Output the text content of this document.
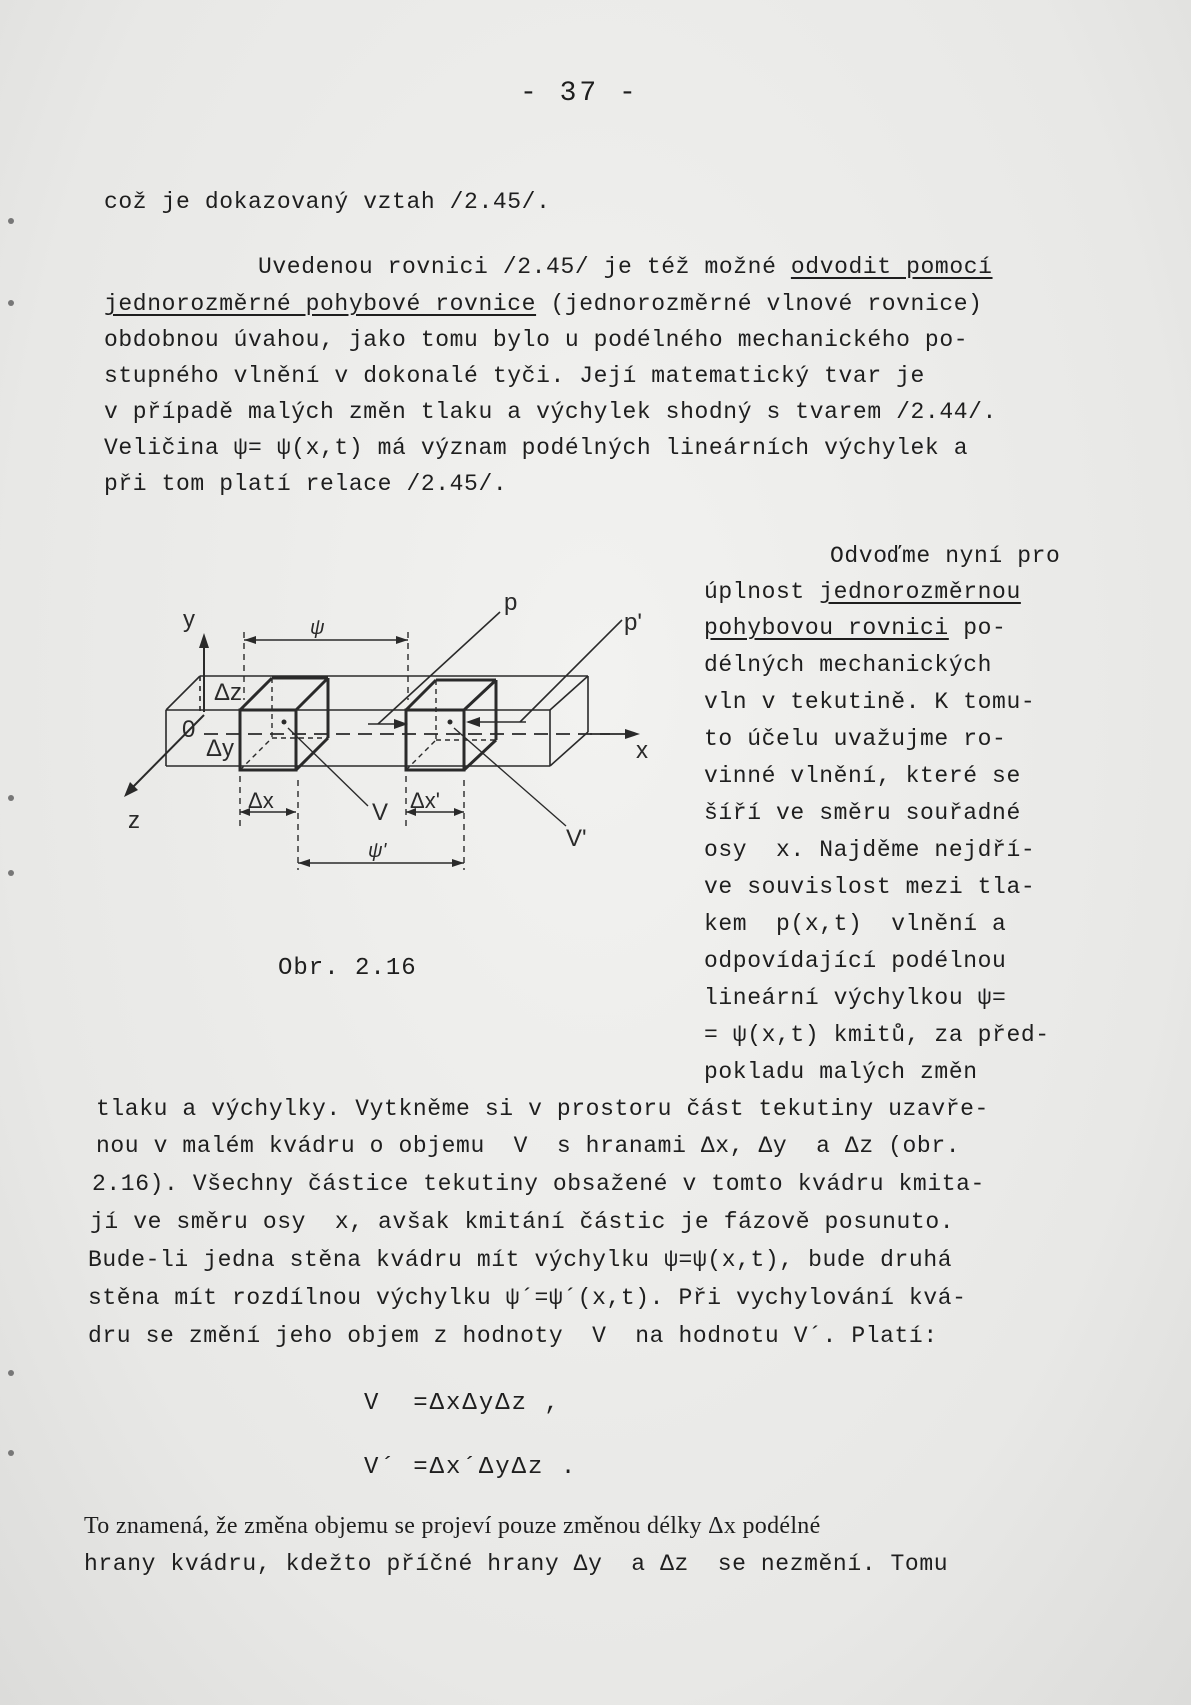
- 37 -
což je dokazovaný vztah /2.45/.
Uvedenou rovnici /2.45/ je též možné odvodit pomocí
jednorozměrné pohybové rovnice (jednorozměrné vlnové rovnice)
obdobnou úvahou, jako tomu bylo u podélného mechanického po-
stupného vlnění v dokonalé tyči. Její matematický tvar je
v případě malých změn tlaku a výchylek shodný s tvarem /2.44/.
Veličina ψ= ψ(x,t) má význam podélných lineárních výchylek a
při tom platí relace /2.45/.
Odvoďme nyní pro
úplnost jednorozměrnou
pohybovou rovnici po-
délných mechanických
vln v tekutině. K tomu-
to účelu uvažujme ro-
vinné vlnění, které se
šíří ve směru souřadné
osy  x. Najděme nejdří-
ve souvislost mezi tla-
kem  p(x,t)  vlnění a
odpovídající podélnou
lineární výchylkou ψ=
= ψ(x,t) kmitů, za před-
pokladu malých změn
y
z
x
0
Δz
Δy
Δx	Δx'
ψ
ψ'
p
p'
V
V'
Obr. 2.16
tlaku a výchylky. Vytkněme si v prostoru část tekutiny uzavře-
nou v malém kvádru o objemu  V  s hranami Δx, Δy  a Δz (obr.
2.16). Všechny částice tekutiny obsažené v tomto kvádru kmita-
jí ve směru osy  x, avšak kmitání částic je fázově posunuto.
Bude-li jedna stěna kvádru mít výchylku ψ=ψ(x,t), bude druhá
stěna mít rozdílnou výchylku ψ´=ψ´(x,t). Při vychylování kvá-
dru se změní jeho objem z hodnoty  V  na hodnotu V´. Platí:
V  =ΔxΔyΔz ,
V´ =Δx´ΔyΔz .
To znamená, že změna objemu se projeví pouze změnou délky Δx podélné
hrany kvádru, kdežto příčné hrany Δy  a Δz  se nezmění. Tomu
